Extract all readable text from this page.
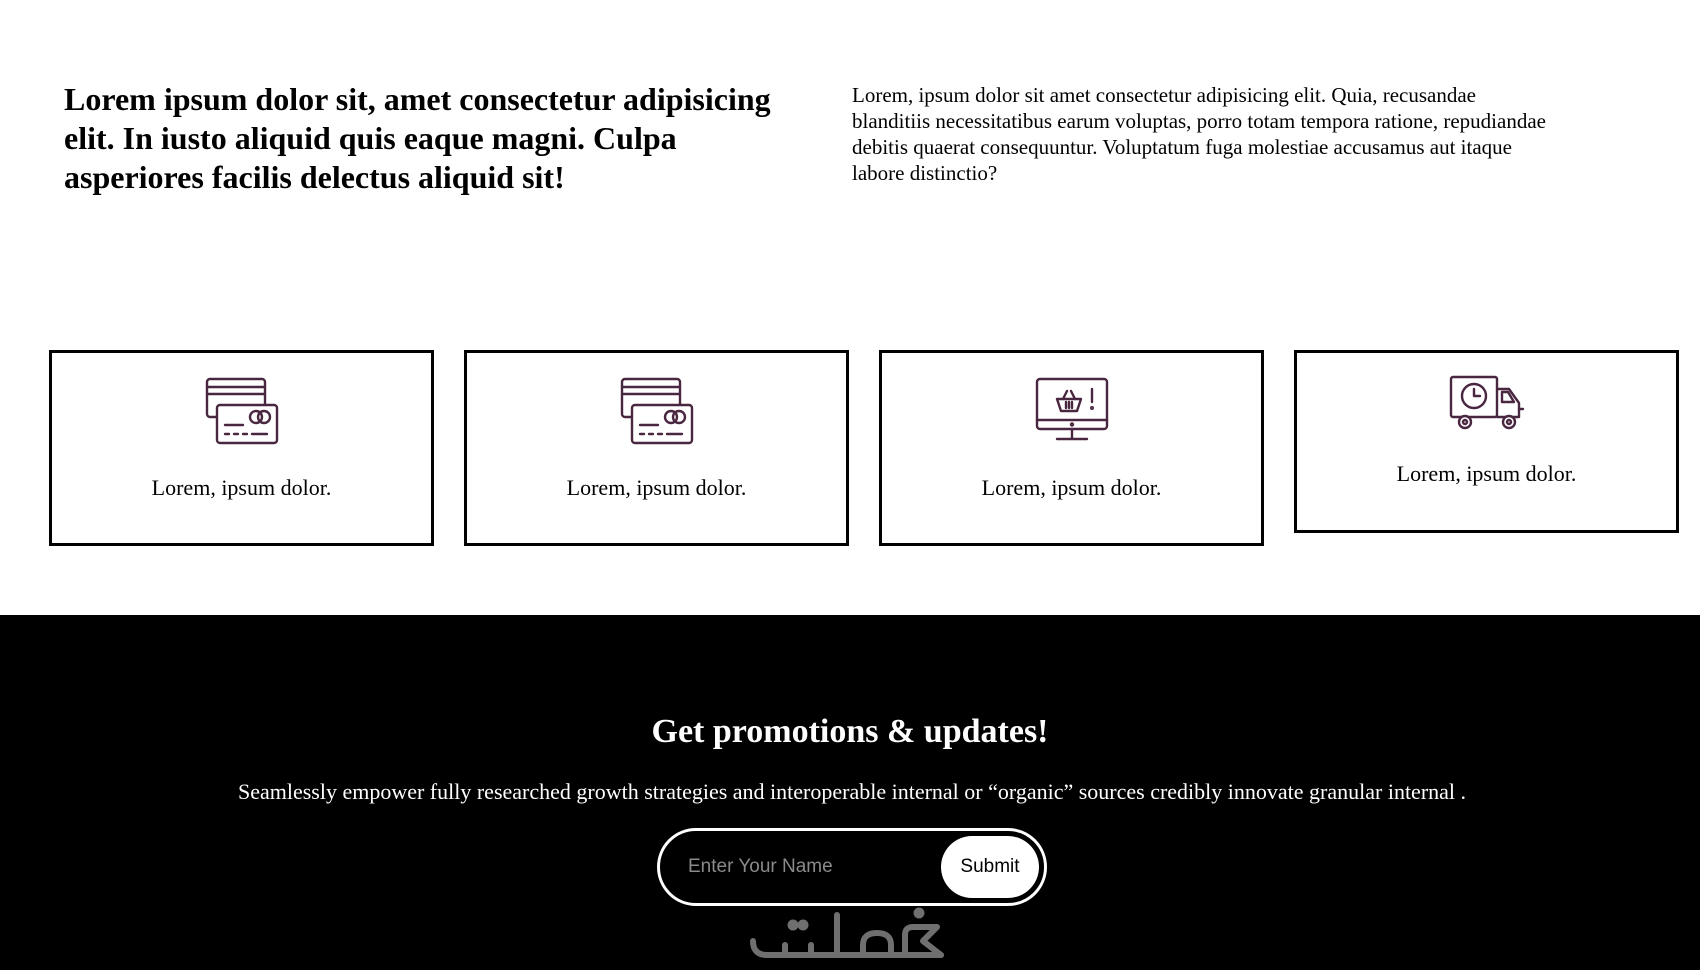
Lorem ipsum dolor sit, amet consectetur adipisicing elit. In iusto aliquid quis eaque magni. Culpa asperiores facilis delectus aliquid sit!

Lorem, ipsum dolor sit amet consectetur adipisicing elit. Quia, recusandae blanditiis necessitatibus earum voluptas, porro totam tempora ratione, repudiandae debitis quaerat consequuntur. Voluptatum fuga molestiae accusamus aut itaque labore distinctio?

Lorem, ipsum dolor.	Lorem, ipsum dolor.	Lorem, ipsum dolor.
Lorem, ipsum dolor.
Get promotions & updates!

Seamlessly empower fully researched growth strategies and interoperable internal or “organic” sources credibly innovate granular internal .

Enter Your Name
Submit
